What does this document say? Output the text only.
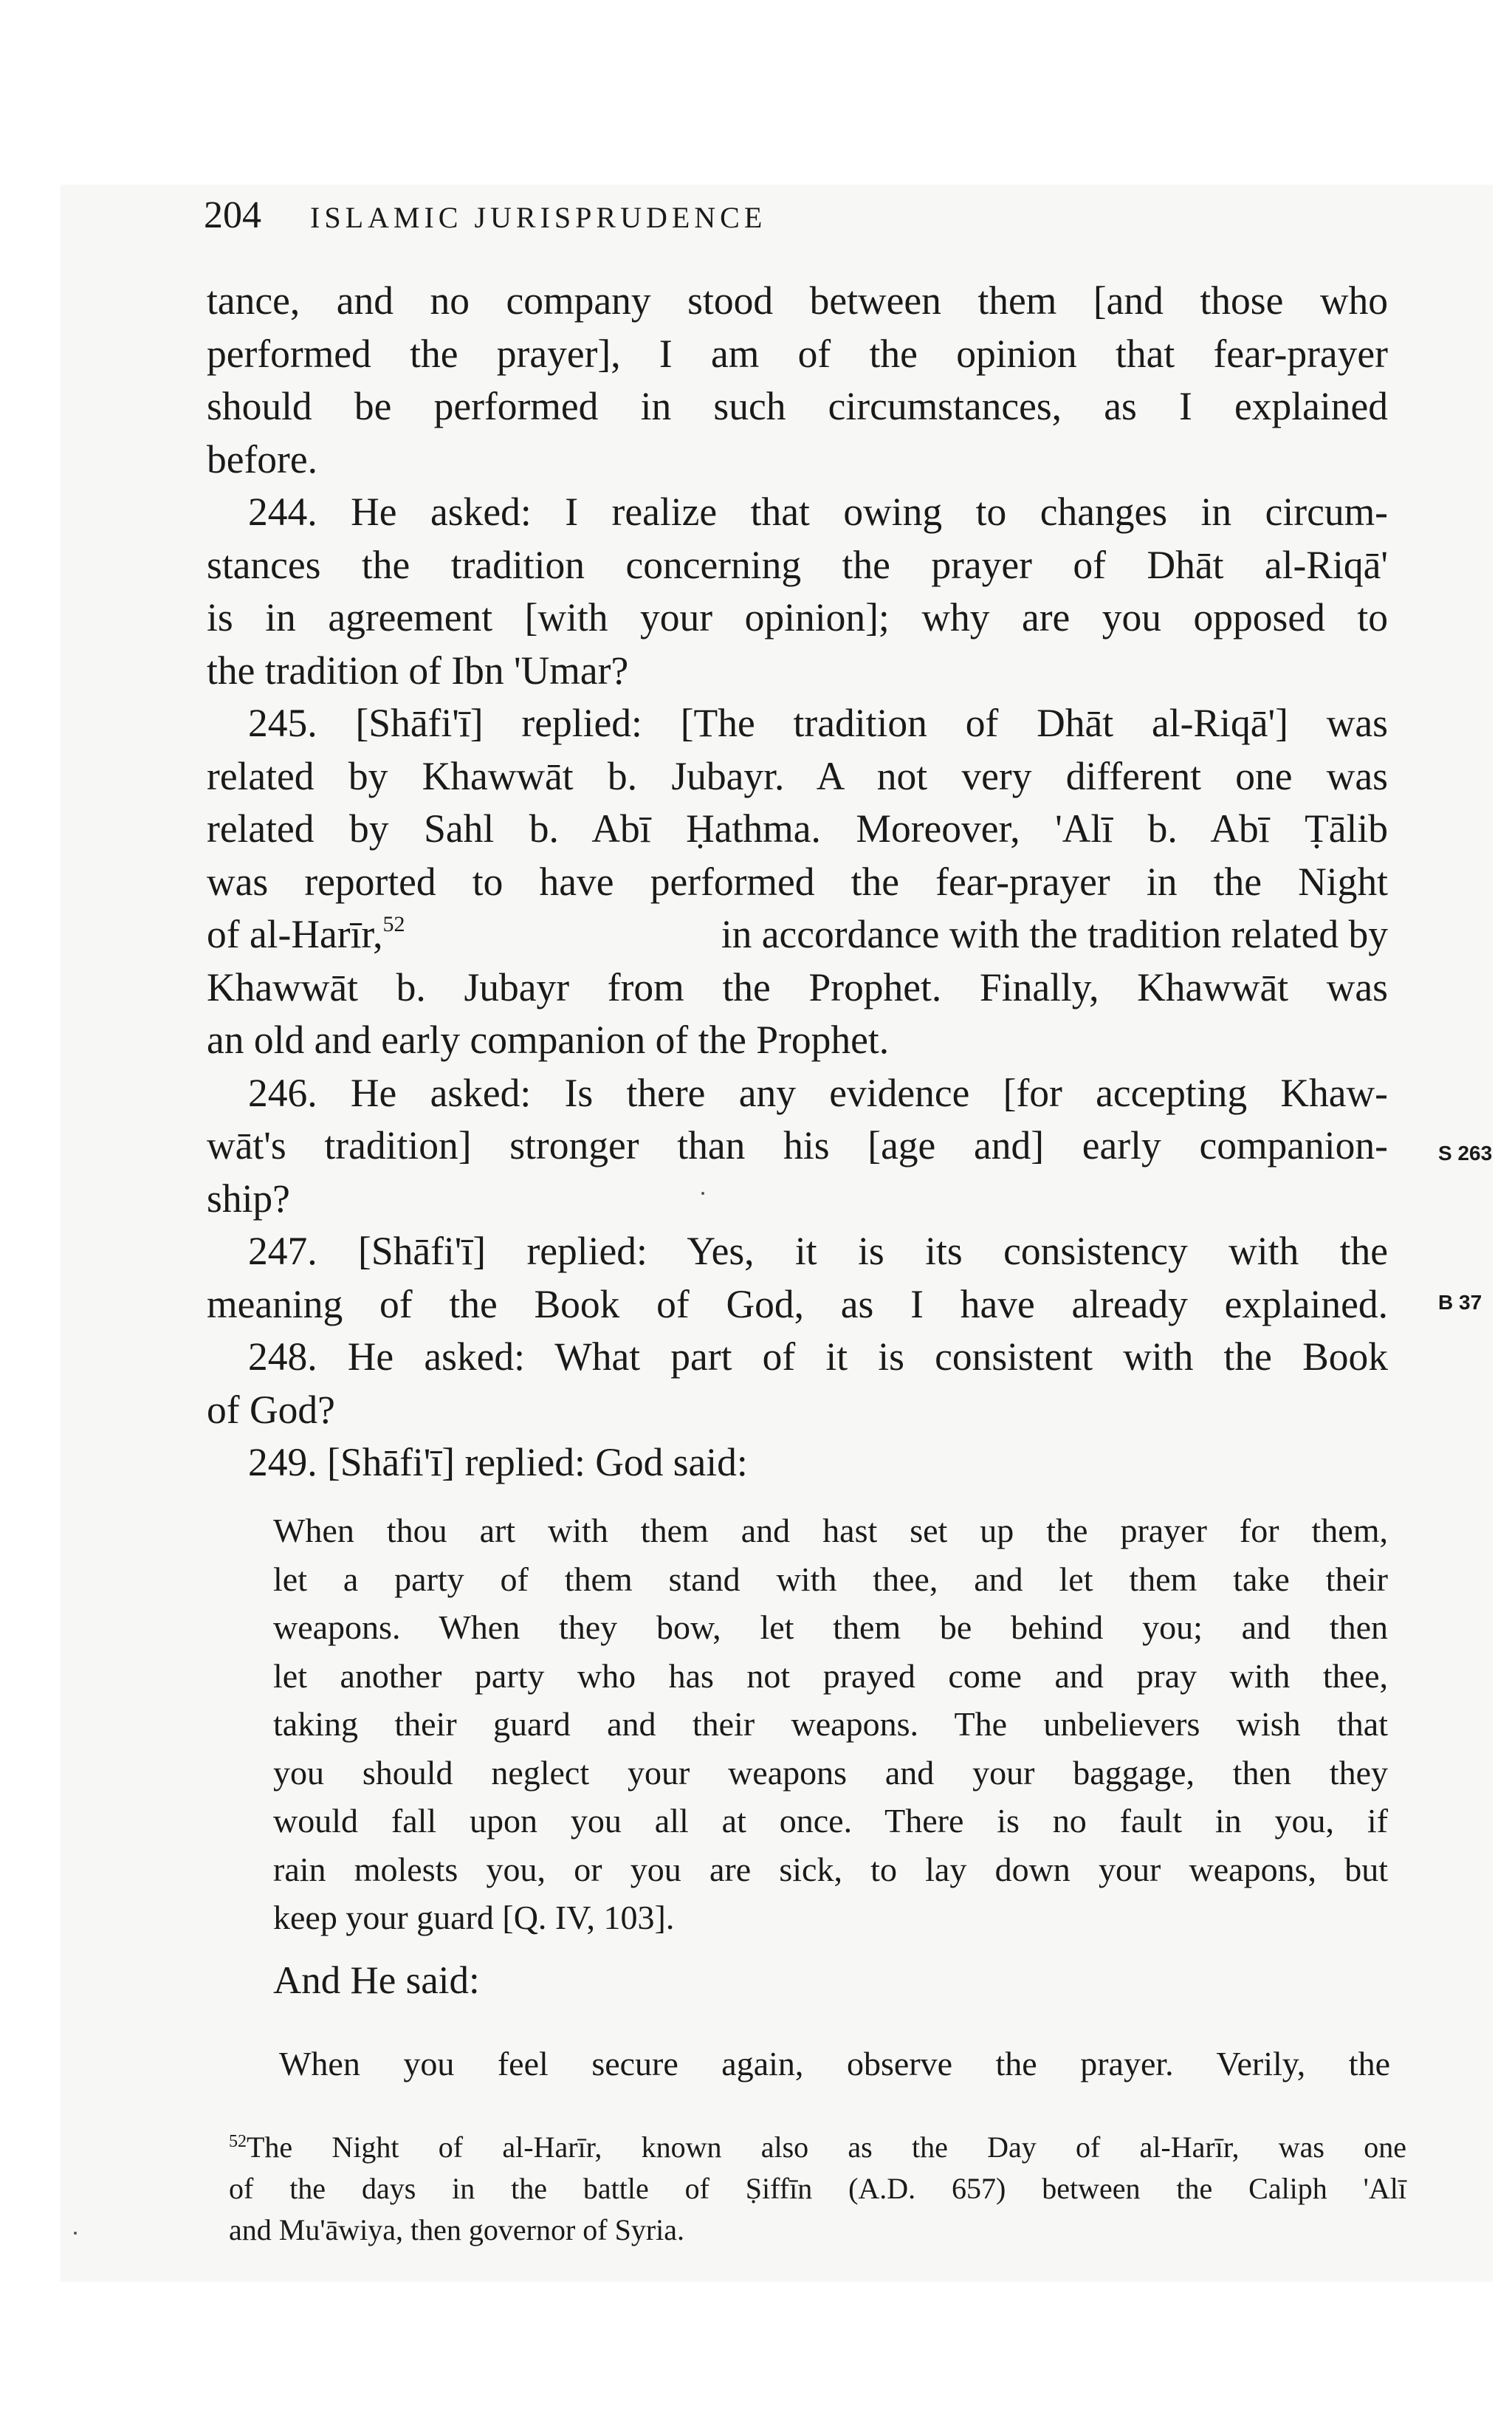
204 ISLAMIC JURISPRUDENCE
tance, and no company stood between them [and those who
performed the prayer], I am of the opinion that fear-prayer
should be performed in such circumstances, as I explained
before.
244. He asked: I realize that owing to changes in circum-
stances the tradition concerning the prayer of Dhāt al-Riqā'
is in agreement [with your opinion]; why are you opposed to
the tradition of Ibn 'Umar?
245. [Shāfi'ī] replied: [The tradition of Dhāt al-Riqā'] was
related by Khawwāt b. Jubayr. A not very different one was
related by Sahl b. Abī Ḥathma. Moreover, 'Alī b. Abī Ṭālib
was reported to have performed the fear-prayer in the Night
of al-Harīr,$^{52}$	in accordance with the tradition related by
Khawwāt b. Jubayr from the Prophet. Finally, Khawwāt was
an old and early companion of the Prophet.
246. He asked: Is there any evidence [for accepting Khaw-
wāt's tradition] stronger than his [age and] early companion-
ship?
247. [Shāfi'ī] replied: Yes, it is its consistency with the
meaning of the Book of God, as I have already explained.
248. He asked: What part of it is consistent with the Book
of God?
249. [Shāfi'ī] replied: God said:
When thou art with them and hast set up the prayer for them,
let a party of them stand with thee, and let them take their
weapons. When they bow, let them be behind you; and then
let another party who has not prayed come and pray with thee,
taking their guard and their weapons. The unbelievers wish that
you should neglect your weapons and your baggage, then they
would fall upon you all at once. There is no fault in you, if
rain molests you, or you are sick, to lay down your weapons, but
keep your guard [Q. IV, 103].
And He said:
When you feel secure again, observe the prayer. Verily, the
$^{52}$The Night of al-Harīr, known also as the Day of al-Harīr, was one
of the days in the battle of Ṣiffīn (A.D. 657) between the Caliph 'Alī
and Mu'āwiya, then governor of Syria.
S 263
B 37
